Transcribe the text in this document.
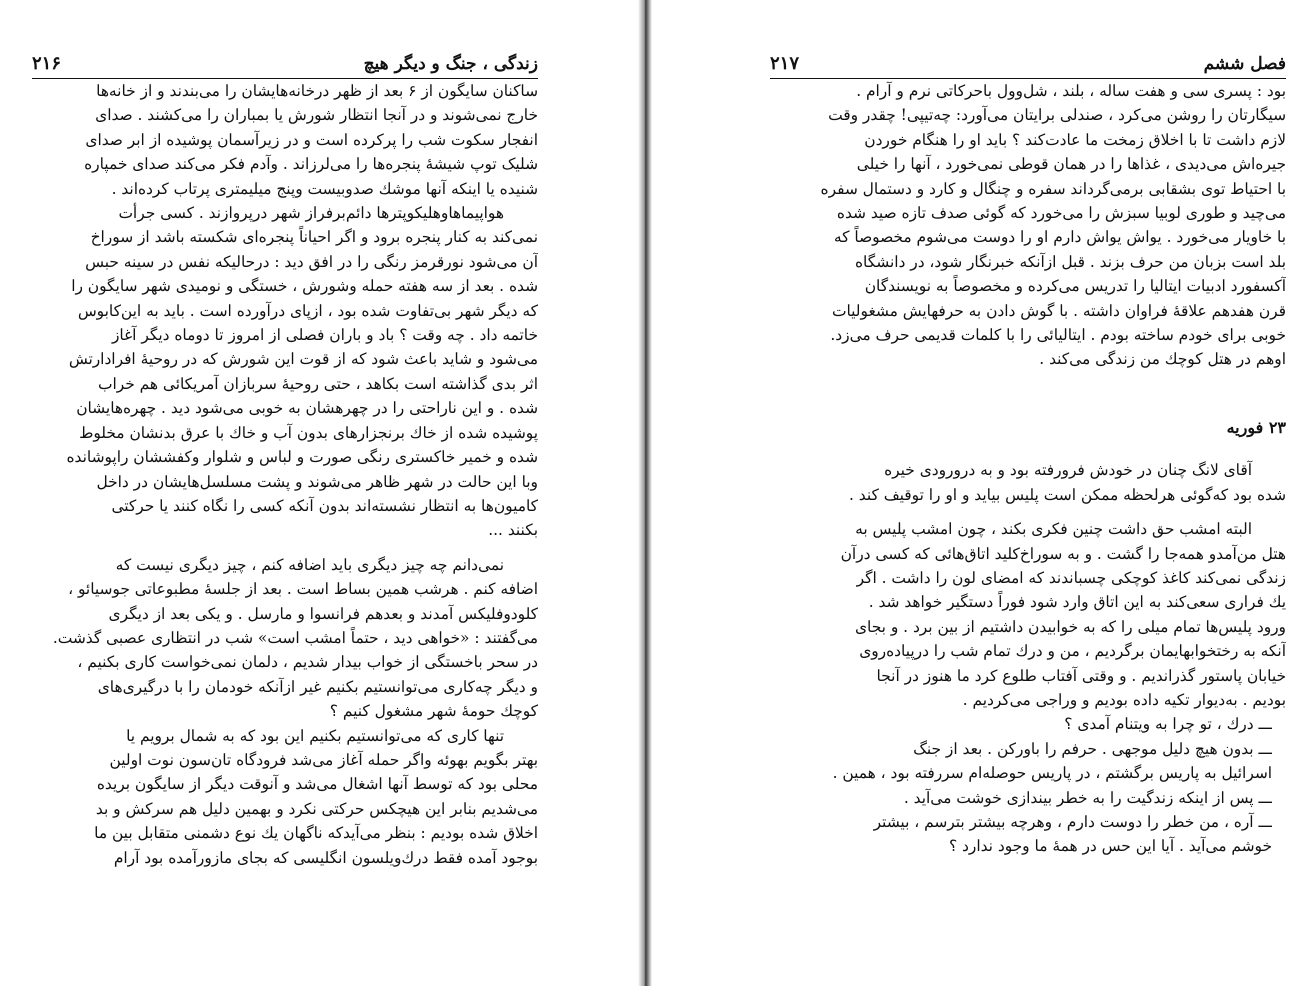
زندگی ، جنگ و دیگر هیچ
۲۱۶
ساکنان سایگون از ۶ بعد از ظهر درخانه‌هایشان را می‌بندند و از خانه‌ها
خارج نمی‌شوند و در آنجا انتظار شورش یا بمباران را می‌کشند . صدای
انفجار سکوت شب را پرکرده است و در زیرآسمان پوشیده از ابر صدای
شلیک توپ شیشهٔ پنجره‌ها را می‌لرزاند . وآدم فکر می‌کند صدای خمپاره
شنیده یا اینکه آنها موشك صدوبیست وپنج میلیمتری پرتاب کرده‌اند .
هواپیماهاوهلیکوپترها دائم‌برفراز شهر درپروازند . کسی جرأت
نمی‌کند به کنار پنجره برود و اگر احیاناً پنجره‌ای شکسته باشد از سوراخ
آن می‌شود نورقرمز رنگی را در افق دید : درحالیکه نفس در سینه حبس
شده . بعد از سه هفته حمله وشورش ، خستگی و نومیدی شهر سایگون را
که دیگر شهر بی‌تفاوت شده بود ، ازپای درآورده است . باید به این‌کابوس
خاتمه داد . چه وقت ؟ باد و باران فصلی از امروز تا دوماه دیگر آغاز
می‌شود و شاید باعث شود که از قوت این شورش که در روحیهٔ افرادارتش
اثر بدی گذاشته است بکاهد ، حتی روحیهٔ سربازان آمریکائی هم خراب
شده . و این ناراحتی را در چهرهشان به خوبی می‌شود دید . چهره‌هایشان
پوشیده شده از خاك برنجزارهای بدون آب و خاك با عرق بدنشان مخلوط
شده و خمیر خاکستری رنگی صورت و لباس و شلوار وکفششان راپوشانده
وبا این حالت در شهر ظاهر می‌شوند و پشت مسلسل‌هایشان در داخل
کامیون‌ها به انتظار نشسته‌اند بدون آنکه کسی را نگاه کنند یا حرکتی
بکنند ...
نمی‌دانم چه چیز دیگری باید اضافه کنم ، چیز دیگری نیست که
اضافه کنم . هرشب همین بساط است . بعد از جلسهٔ مطبوعاتی جوسیائو ،
کلودوفلیکس آمدند و بعدهم فرانسوا و مارسل . و یکی بعد از دیگری
می‌گفتند : «خواهی دید ، حتماً امشب است» شب در انتظاری عصبی گذشت.
در سحر باخستگی از خواب بیدار شدیم ، دلمان نمی‌خواست کاری بکنیم ،
و دیگر چه‌کاری می‌توانستیم بکنیم غیر ازآنکه خودمان را با درگیری‌های
کوچك حومهٔ شهر مشغول کنیم ؟
تنها کاری که می‌توانستیم بکنیم این بود که به شمال برویم یا
بهتر بگویم بهوئه واگر حمله آغاز می‌شد فرودگاه تان‌سون نوت اولین
محلی بود که توسط آنها اشغال می‌شد و آنوقت دیگر از سایگون بریده
می‌شدیم بنابر این هیچکس حرکتی نکرد و بهمین دلیل هم سرکش و بد
اخلاق شده بودیم : بنظر می‌آیدکه ناگهان یك نوع دشمنی متقابل بین ما
بوجود آمده فقط درك‌ویلسون انگلیسی که بجای مازورآمده بود آرام
فصل ششم
۲۱۷
بود : پسری سی و هفت ساله ، بلند ، شل‌وول باحرکاتی نرم و آرام .
سیگارتان را روشن می‌کرد ، صندلی برایتان می‌آورد: چه‌تیپی! چقدر وقت
لازم داشت تا با اخلاق زمخت ما عادت‌کند ؟ باید او را هنگام خوردن
جیره‌اش می‌دیدی ، غذاها را در همان قوطی نمی‌خورد ، آنها را خیلی
با احتیاط توی بشقابی برمی‌گرداند سفره و چنگال و کارد و دستمال سفره
می‌چید و طوری لوبیا سبزش را می‌خورد که گوئی صدف تازه صید شده
با خاویار می‌خورد . یواش یواش دارم او را دوست می‌شوم مخصوصاً که
بلد است بزبان من حرف بزند . قبل ازآنکه خبرنگار شود، در دانشگاه
آکسفورد ادبیات ایتالیا را تدریس می‌کرده و مخصوصاً به نویسندگان
قرن هفدهم علاقهٔ فراوان داشته . با گوش دادن به حرفهایش مشغولیات
خوبی برای خودم ساخته بودم . ایتالیائی را با کلمات قدیمی حرف می‌زد.
اوهم در هتل کوچك من زندگی می‌کند .
۲۳ فوریه
آقای لانگ چنان در خودش فرورفته بود و به درورودی خیره
شده بود که‌گوئی هرلحظه ممکن است پلیس بیاید و او را توقیف کند .
البته امشب حق داشت چنین فکری بکند ، چون امشب پلیس به
هتل من‌آمدو همه‌جا را گشت . و به سوراخ‌کلید اتاق‌هائی که کسی درآن
زندگی نمی‌کند کاغذ کوچکی چسباندند که امضای لون را داشت . اگر
یك فراری سعی‌کند به این اتاق وارد شود فوراً دستگیر خواهد شد .
ورود پلیس‌ها تمام میلی را که به خوابیدن داشتیم از بین برد . و بجای
آنکه به رختخوابهایمان برگردیم ، من و درك تمام شب را درپیاده‌روی
خیابان پاستور گذراندیم . و وقتی آفتاب طلوع کرد ما هنوز در آنجا
بودیم . به‌دیوار تکیه داده بودیم و وراجی می‌کردیم .
ـــ درك ، تو چرا به ویتنام آمدی ؟
ـــ بدون هیچ دلیل موجهی . حرفم را باورکن . بعد از جنگ
اسرائیل به پاریس برگشتم ، در پاریس حوصله‌ام سررفته بود ، همین .
ـــ پس از اینکه زندگیت را به خطر بیندازی خوشت می‌آید .
ـــ آره ، من خطر را دوست دارم ، وهرچه بیشتر بترسم ، بیشتر
خوشم می‌آید . آیا این حس در همهٔ ما وجود ندارد ؟
